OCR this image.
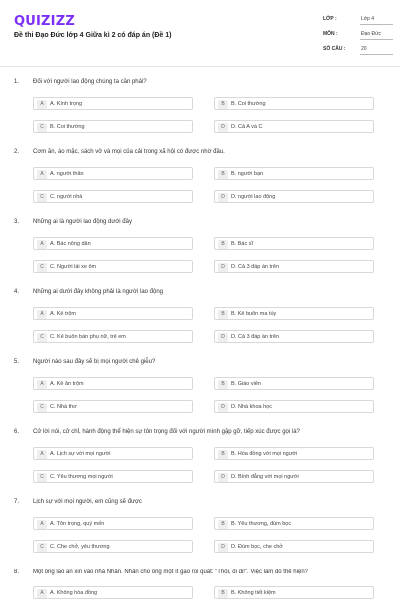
QUIZIZZ
Đề thi Đạo Đức lớp 4 Giữa kì 2 có đáp án (Đề 1)
LỚP :	Lớp 4
MÔN :	Đạo Đức
SỐ CÂU :	20
1. Đối với người lao động chúng ta cần phải?
A	A. Kính trọng	B	B. Coi thường
C	B. Coi thường	D	D. Cả A và C
2. Cơm ăn, áo mặc, sách vở và mọi của cải trong xã hội có được nhờ đâu.
A	A. người thân	B	B. người bạn
C	C. người nhà	D	D. người lao động
3. Những ai là người lao động dưới đây
A	A. Bác nông dân	B	B. Bác sĩ
C	C. Người lái xe ôm	D	D. Cả 3 đáp án trên
4. Những ai dưới đây không phải là người lao động
A	A. Kẻ trộm	B	B. Kẻ buôn ma túy
C	C. Kẻ buôn bán phụ nữ, trẻ em	D	D. Cả 3 đáp án trên
5. Người nào sau đây sẽ bị mọi người chê giễu?
A	A. Kẻ ăn trộm	B	B. Giáo viên
C	C. Nhà thơ	D	D. Nhà khoa học
6. Cử lời nói, cử chỉ, hành động thể hiện sự tôn trọng đối với người mình gặp gỡ, tiếp xúc được gọi là?
A	A. Lịch sự với mọi người	B	B. Hòa đồng với mọi người
C	C. Yêu thương mọi người	D	D. Bình đẳng với mọi người
7. Lịch sự với mọi người, em cũng sẽ được
A	A. Tôn trọng, quý mến	B	B. Yêu thương, đùm bọc
C	C. Che chở, yêu thương	D	D. Đùm bọc, che chở
8. Một ông lão ăn xin vào nhà Nhân. Nhân cho ông một ít gạo rồi quát: "Thôi, đi đi!". Việc làm đó thể hiện?
A	A. Không hòa đồng	B	B. Không tiết kiệm
